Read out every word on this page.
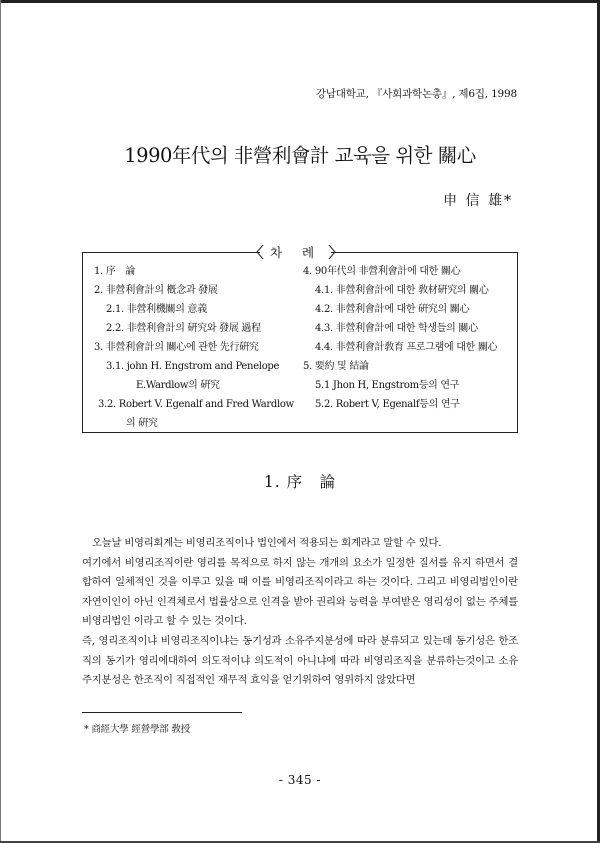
강남대학교, 『사회과학논총』, 제6집, 1998
1990年代의 非營利會計 교육을 위한 關心
申 信 雄*
차 례
1. 序　論
2. 非營利會計의 槪念과 發展
2.1. 非營利機關의 意義
2.2. 非營利會計의 硏究와 發展 過程
3. 非營利會計의 關心에 관한 先行硏究
3.1. john H. Engstrom and Penelope
E.Wardlow의 硏究
3.2. Robert V. Egenalf and Fred Wardlow
의 硏究
4. 90年代의 非營利會計에 대한 關心
4.1. 非營利會計에 대한 敎材硏究의 關心
4.2. 非營利會計에 대한 硏究의 關心
4.3. 非營利會計에 대한 학생들의 關心
4.4. 非營利會計敎育 프로그램에 대한 關心
5. 要約 및 結論
5.1 Jhon H, Engstrom등의 연구
5.2. Robert V, Egenalf등의 연구
1. 序　論

오늘날 비영리회계는 비영리조직이나 법인에서 적용되는 회계라고 말할 수 있다.

여기에서 비영리조직이란 영리를 목적으로 하지 않는 개개의 요소가 일정한 질서를 유지 하면서 결합하여 일체적인 것을 이루고 있을 때 이를 비영리조직이라고 하는 것이다. 그리고 비영리법인이란 자연이인이 아닌 인격체로서 법률상으로 인격을 받아 권리와 능력을 부여받은 영리성이 없는 주체를 비영리법인 이라고 할 수 있는 것이다.

즉, 영리조직이냐 비영리조직이냐는 동기성과 소유주지분성에 따라 분류되고 있는데 동기성은 한조직의 동기가 영리에대하여 의도적이냐 의도적이 아니냐에 따라 비영리조직을 분류하는것이고 소유주지분성은 한조직이 직접적인 재무적 효익을 얻기위하여 영위하지 않았다면

* 商經大學 經營學部 敎授
- 345 -
